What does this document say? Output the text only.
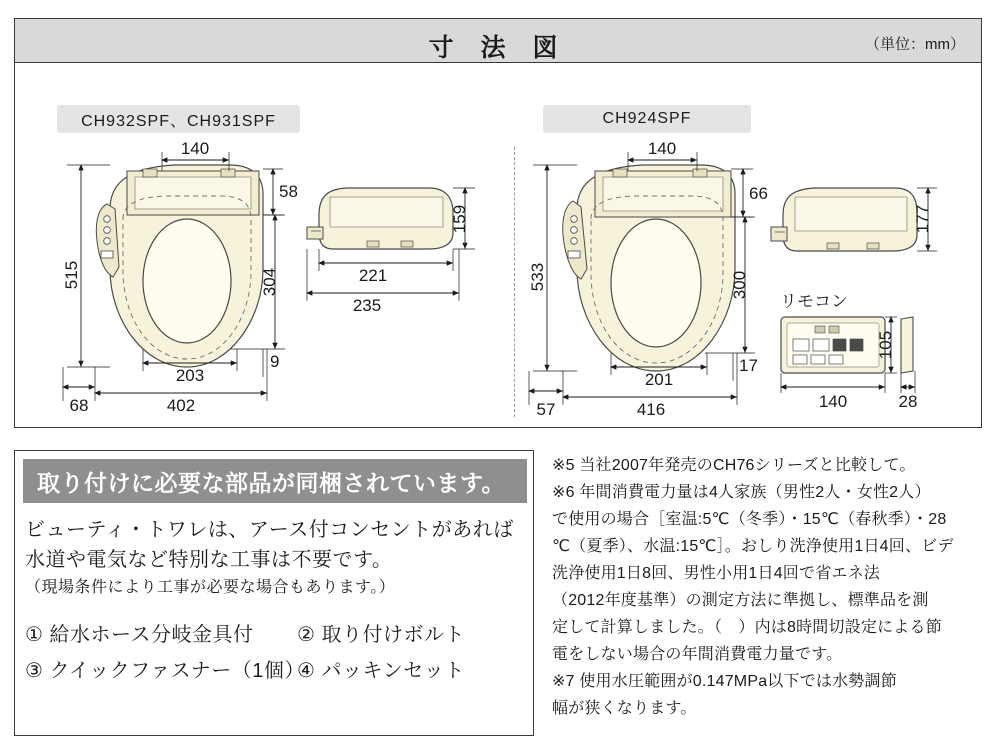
寸 法 図	（単位：mm）
CH932SPF、CH931SPF	CH924SPF
140
58
515	304
203
9
402
68
159
221
235
140
66
533	300
201
17
416
57
177
リモコン
105
140	28
取り付けに必要な部品が同梱されています。
ビューティ・トワレは、アース付コンセントがあれば
水道や電気など特別な工事は不要です。
（現場条件により工事が必要な場合もあります。）
① 給水ホース分岐金具付 ② 取り付けボルト
③ クイックファスナー（1個）④ パッキンセット

※5 当社2007年発売のCH76シリーズと比較して。

※6 年間消費電力量は4人家族（男性2人・女性2人）

で使用の場合［室温:5℃（冬季）・15℃（春秋季）・28

℃（夏季）、水温:15℃］。おしり洗浄使用1日4回、ビデ

洗浄使用1日8回、男性小用1日4回で省エネ法

（2012年度基準）の測定方法に準拠し、標準品を測

定して計算しました。（　）内は8時間切設定による節

電をしない場合の年間消費電力量です。

※7 使用水圧範囲が0.147MPa以下では水勢調節

幅が狭くなります。
